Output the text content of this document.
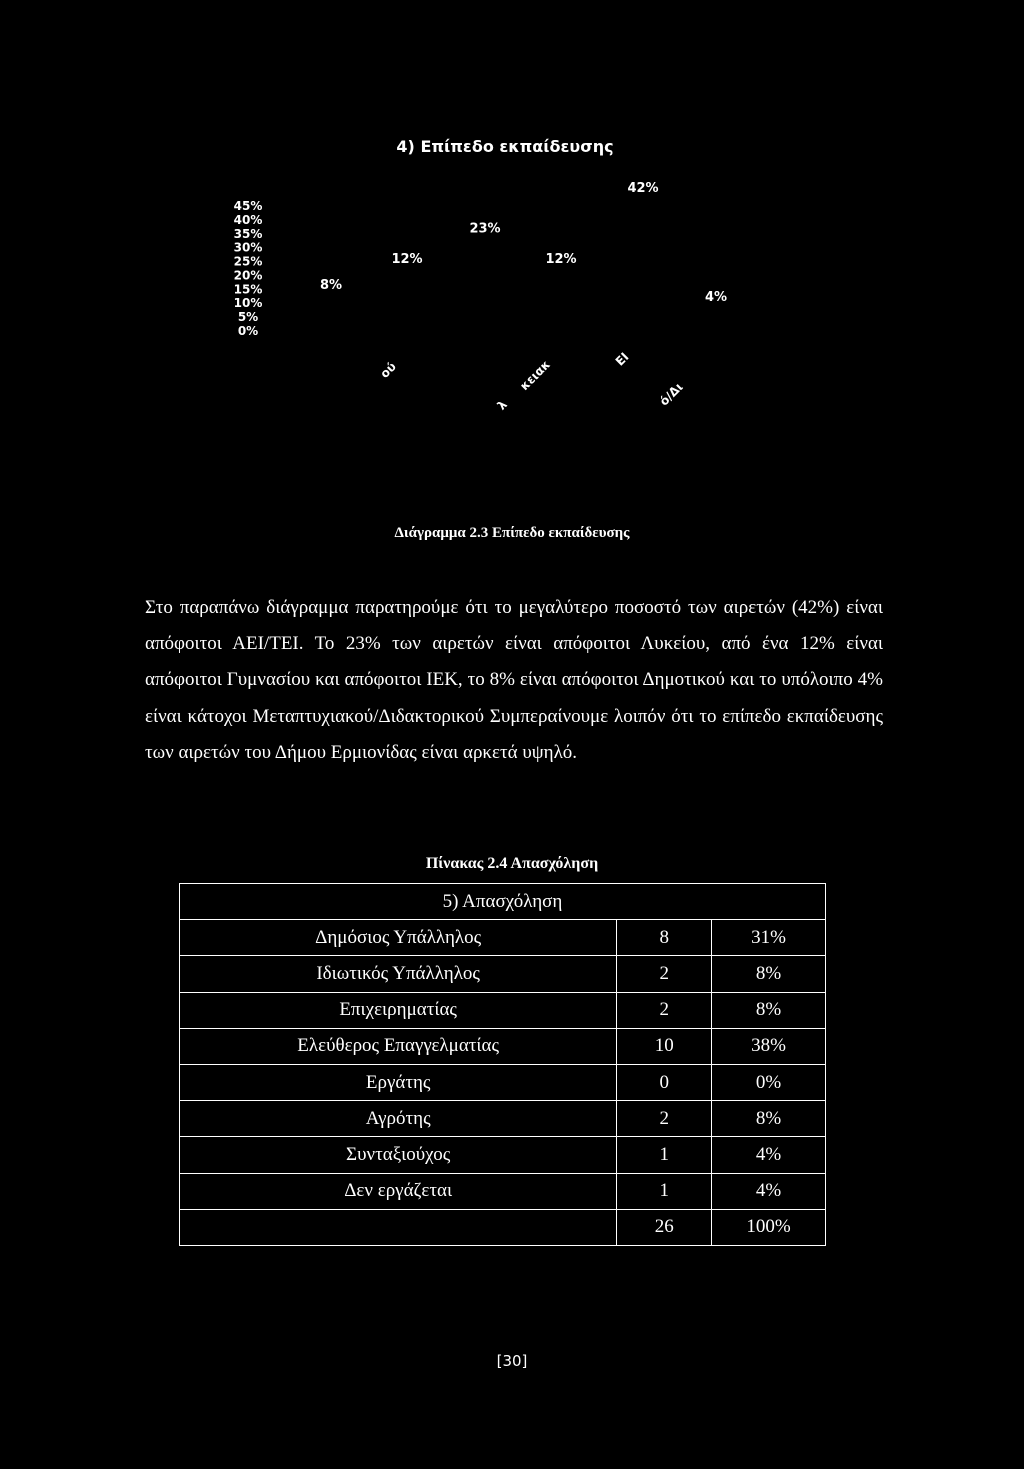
4) Επίπεδο εκπαίδευσης
45%
40%
35%
30%
25%
20%
15%
10%
5%
0%
8%
12%
23%
12%
42%
4%
ού
λ
κειακ	ΕΙ
ό/Δι
Διάγραμμα 2.3 Επίπεδο εκπαίδευσης
Στο παραπάνω διάγραμμα παρατηρούμε ότι το μεγαλύτερο ποσοστό των αιρετών (42%) είναι απόφοιτοι ΑΕΙ/ΤΕΙ. Το 23% των αιρετών είναι απόφοιτοι Λυκείου, από ένα 12% είναι απόφοιτοι Γυμνασίου και απόφοιτοι ΙΕΚ, το 8% είναι απόφοιτοι Δημοτικού και το υπόλοιπο 4% είναι κάτοχοι Μεταπτυχιακού/Διδακτορικού Συμπεραίνουμε λοιπόν ότι το επίπεδο εκπαίδευσης των αιρετών του Δήμου Ερμιονίδας είναι αρκετά υψηλό.
Πίνακας 2.4 Απασχόληση
5) Απασχόληση		
Δημόσιος Υπάλληλος	8	31%
Ιδιωτικός Υπάλληλος	2	8%
Επιχειρηματίας	2	8%
Ελεύθερος Επαγγελματίας	10	38%
Εργάτης	0	0%
Αγρότης	2	8%
Συνταξιούχος	1	4%
Δεν εργάζεται	1	4%
	26	100%
[30]
